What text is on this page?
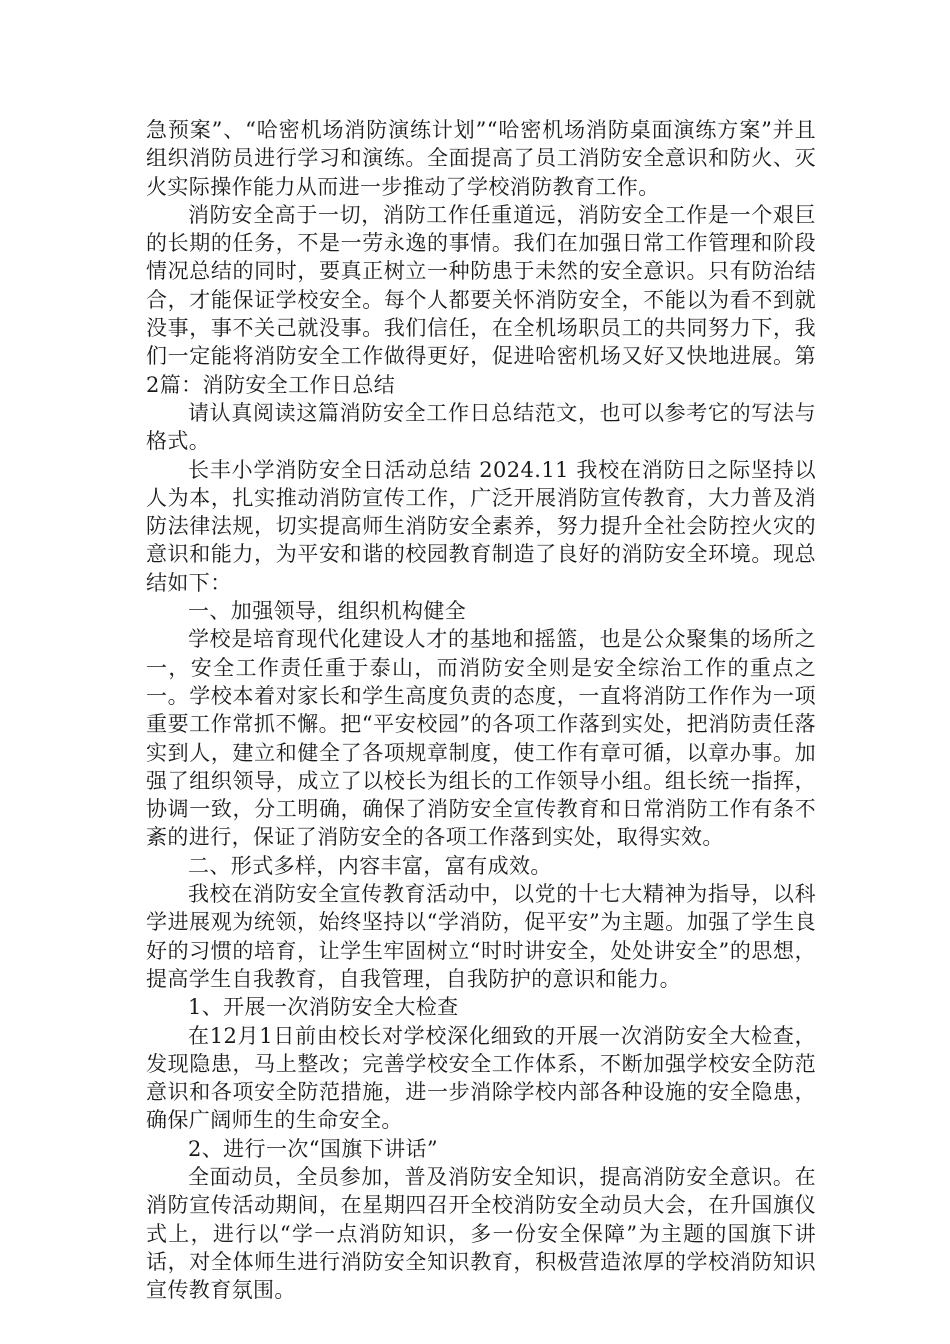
急预案”、“哈密机场消防演练计划”“哈密机场消防桌面演练方案”并且组织消防员进行学习和演练。全面提高了员工消防安全意识和防火、灭火实际操作能力从而进一步推动了学校消防教育工作。

消防安全高于一切，消防工作任重道远，消防安全工作是一个艰巨的长期的任务，不是一劳永逸的事情。我们在加强日常工作管理和阶段情况总结的同时，要真正树立一种防患于未然的安全意识。只有防治结合，才能保证学校安全。每个人都要关怀消防安全，不能以为看不到就没事，事不关己就没事。我们信任，在全机场职员工的共同努力下，我们一定能将消防安全工作做得更好，促进哈密机场又好又快地进展。第2篇：消防安全工作日总结

请认真阅读这篇消防安全工作日总结范文，也可以参考它的写法与格式。

长丰小学消防安全日活动总结 2024.11 我校在消防日之际坚持以人为本，扎实推动消防宣传工作，广泛开展消防宣传教育，大力普及消防法律法规，切实提高师生消防安全素养，努力提升全社会防控火灾的意识和能力，为平安和谐的校园教育制造了良好的消防安全环境。现总结如下：

一、加强领导，组织机构健全

学校是培育现代化建设人才的基地和摇篮，也是公众聚集的场所之一，安全工作责任重于泰山，而消防安全则是安全综治工作的重点之一。学校本着对家长和学生高度负责的态度，一直将消防工作作为一项重要工作常抓不懈。把“平安校园”的各项工作落到实处，把消防责任落实到人，建立和健全了各项规章制度，使工作有章可循，以章办事。加强了组织领导，成立了以校长为组长的工作领导小组。组长统一指挥，协调一致，分工明确，确保了消防安全宣传教育和日常消防工作有条不紊的进行，保证了消防安全的各项工作落到实处，取得实效。

二、形式多样，内容丰富，富有成效。

我校在消防安全宣传教育活动中，以党的十七大精神为指导，以科学进展观为统领，始终坚持以“学消防，促平安”为主题。加强了学生良好的习惯的培育，让学生牢固树立“时时讲安全，处处讲安全”的思想，提高学生自我教育，自我管理，自我防护的意识和能力。

1、开展一次消防安全大检查

在12月1日前由校长对学校深化细致的开展一次消防安全大检查，发现隐患，马上整改；完善学校安全工作体系，不断加强学校安全防范意识和各项安全防范措施，进一步消除学校内部各种设施的安全隐患，确保广阔师生的生命安全。

2、进行一次“国旗下讲话”

全面动员，全员参加，普及消防安全知识，提高消防安全意识。在消防宣传活动期间，在星期四召开全校消防安全动员大会，在升国旗仪式上，进行以“学一点消防知识，多一份安全保障”为主题的国旗下讲话，对全体师生进行消防安全知识教育，积极营造浓厚的学校消防知识宣传教育氛围。
